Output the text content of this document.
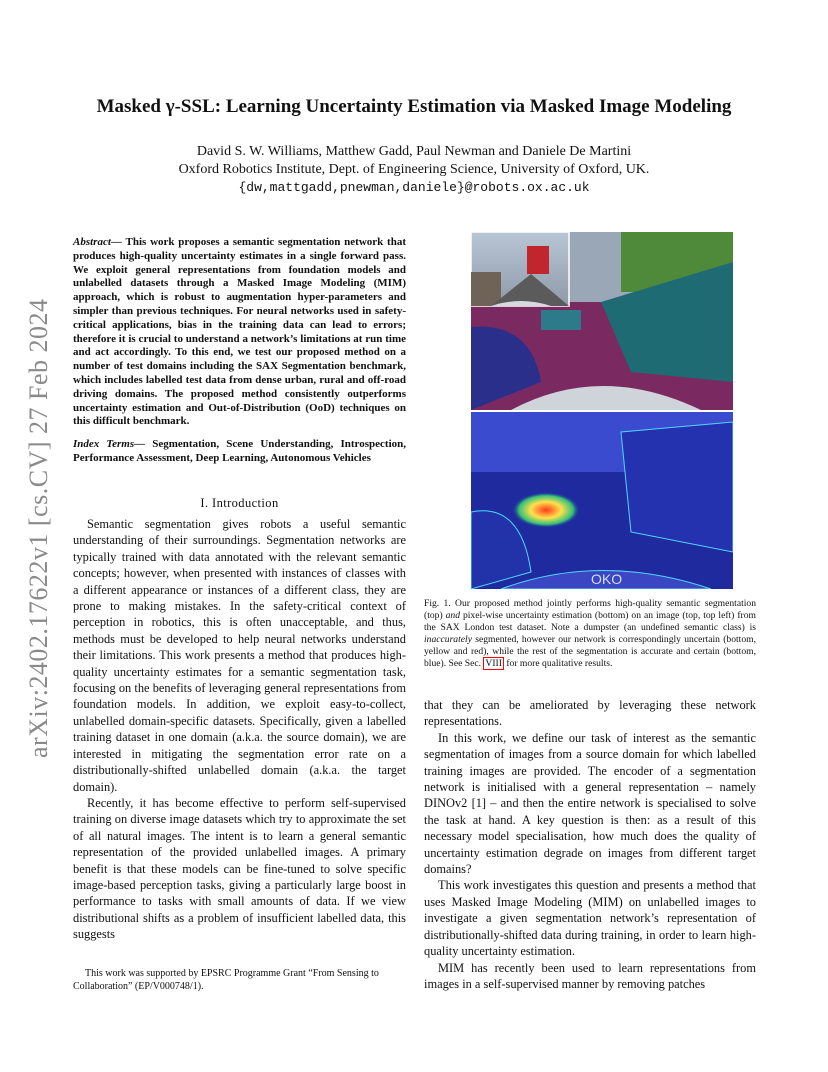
Masked γ-SSL: Learning Uncertainty Estimation via Masked Image Modeling
David S. W. Williams, Matthew Gadd, Paul Newman and Daniele De Martini
Oxford Robotics Institute, Dept. of Engineering Science, University of Oxford, UK.
{dw,mattgadd,pnewman,daniele}@robots.ox.ac.uk
arXiv:2402.17622v1 [cs.CV] 27 Feb 2024
Abstract— This work proposes a semantic segmentation network that produces high-quality uncertainty estimates in a single forward pass. We exploit general representations from foundation models and unlabelled datasets through a Masked Image Modeling (MIM) approach, which is robust to augmentation hyper-parameters and simpler than previous techniques. For neural networks used in safety-critical applications, bias in the training data can lead to errors; therefore it is crucial to understand a network’s limitations at run time and act accordingly. To this end, we test our proposed method on a number of test domains including the SAX Segmentation benchmark, which includes labelled test data from dense urban, rural and off-road driving domains. The proposed method consistently outperforms uncertainty estimation and Out-of-Distribution (OoD) techniques on this difficult benchmark.
Index Terms— Segmentation, Scene Understanding, Introspection, Performance Assessment, Deep Learning, Autonomous Vehicles
I. Introduction

Semantic segmentation gives robots a useful semantic understanding of their surroundings. Segmentation networks are typically trained with data annotated with the relevant semantic concepts; however, when presented with instances of classes with a different appearance or instances of a different class, they are prone to making mistakes. In the safety-critical context of perception in robotics, this is often unacceptable, and thus, methods must be developed to help neural networks understand their limitations. This work presents a method that produces high-quality uncertainty estimates for a semantic segmentation task, focusing on the benefits of leveraging general representations from foundation models. In addition, we exploit easy-to-collect, unlabelled domain-specific datasets. Specifically, given a labelled training dataset in one domain (a.k.a. the source domain), we are interested in mitigating the segmentation error rate on a distributionally-shifted unlabelled domain (a.k.a. the target domain).

Recently, it has become effective to perform self-supervised training on diverse image datasets which try to approximate the set of all natural images. The intent is to learn a general semantic representation of the provided unlabelled images. A primary benefit is that these models can be fine-tuned to solve specific image-based perception tasks, giving a particularly large boost in performance to tasks with small amounts of data. If we view distributional shifts as a problem of insufficient labelled data, this suggests

This work was supported by EPSRC Programme Grant “From Sensing to Collaboration” (EP/V000748/1).

OKO
Fig. 1. Our proposed method jointly performs high-quality semantic segmentation (top) and pixel-wise uncertainty estimation (bottom) on an image (top, top left) from the SAX London test dataset. Note a dumpster (an undefined semantic class) is inaccurately segmented, however our network is correspondingly uncertain (bottom, yellow and red), while the rest of the segmentation is accurate and certain (bottom, blue). See Sec. VIII for more qualitative results.

that they can be ameliorated by leveraging these network representations.

In this work, we define our task of interest as the semantic segmentation of images from a source domain for which labelled training images are provided. The encoder of a segmentation network is initialised with a general representation – namely DINOv2 [1] – and then the entire network is specialised to solve the task at hand. A key question is then: as a result of this necessary model specialisation, how much does the quality of uncertainty estimation degrade on images from different target domains?

This work investigates this question and presents a method that uses Masked Image Modeling (MIM) on unlabelled images to investigate a given segmentation network’s representation of distributionally-shifted data during training, in order to learn high-quality uncertainty estimation.

MIM has recently been used to learn representations from images in a self-supervised manner by removing patches
